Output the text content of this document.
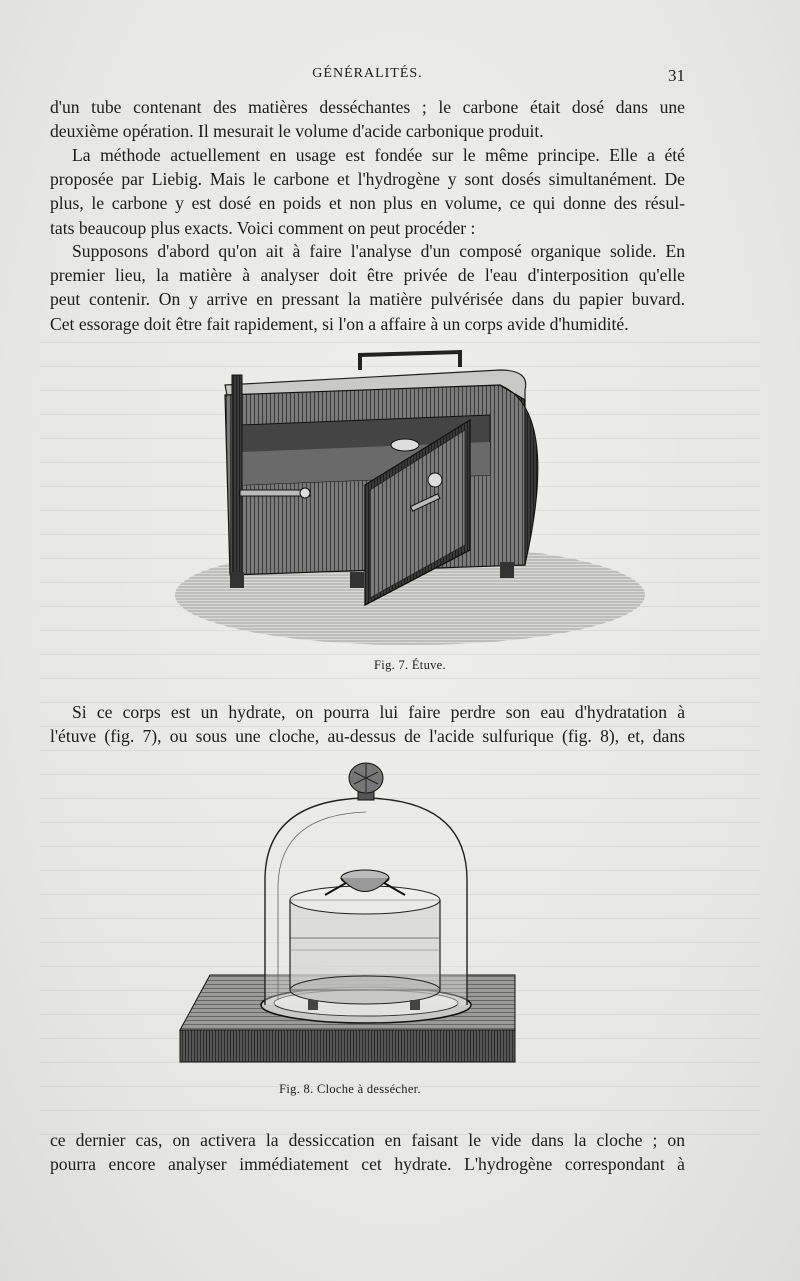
GÉNÉRALITÉS.	31
d'un tube contenant des matières desséchantes ; le carbone était dosé dans une
deuxième opération. Il mesurait le volume d'acide carbonique produit.
La méthode actuellement en usage est fondée sur le même principe. Elle a été
proposée par Liebig. Mais le carbone et l'hydrogène y sont dosés simultanément. De
plus, le carbone y est dosé en poids et non plus en volume, ce qui donne des résul-
tats beaucoup plus exacts. Voici comment on peut procéder :
Supposons d'abord qu'on ait à faire l'analyse d'un composé organique solide. En
premier lieu, la matière à analyser doit être privée de l'eau d'interposition qu'elle
peut contenir. On y arrive en pressant la matière pulvérisée dans du papier buvard.
Cet essorage doit être fait rapidement, si l'on a affaire à un corps avide d'humidité.
Fig. 7. Étuve.
Si ce corps est un hydrate, on pourra lui faire perdre son eau d'hydratation à
l'étuve (fig. 7), ou sous une cloche, au-dessus de l'acide sulfurique (fig. 8), et, dans
Fig. 8. Cloche à dessécher.
ce dernier cas, on activera la dessiccation en faisant le vide dans la cloche ; on
pourra encore analyser immédiatement cet hydrate. L'hydrogène correspondant à
